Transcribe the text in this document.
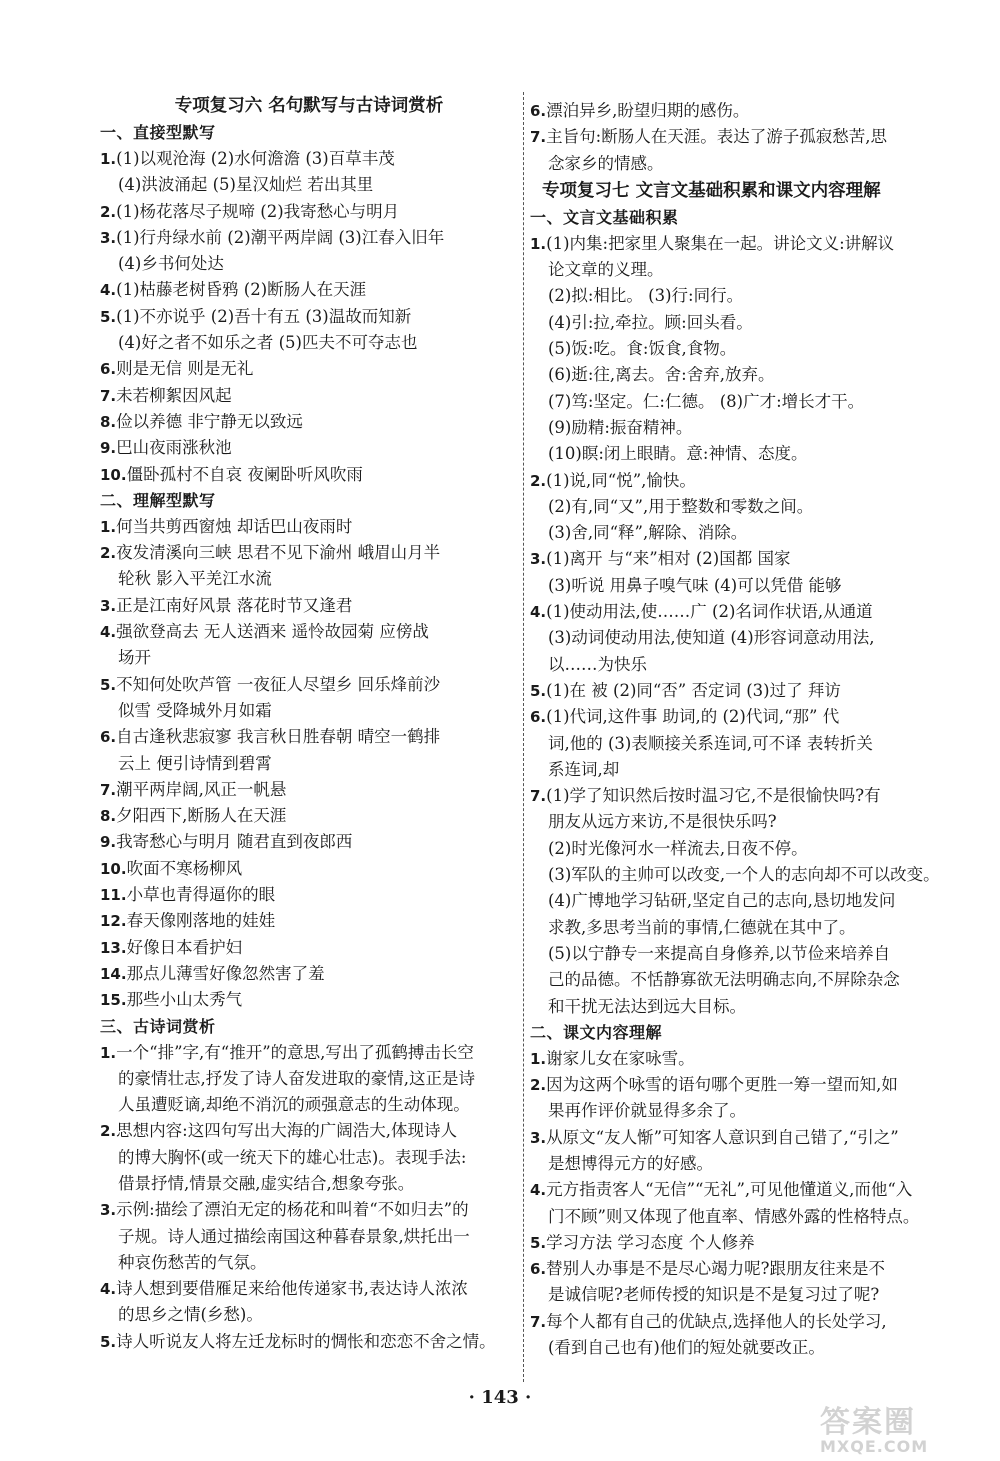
专项复习六 名句默写与古诗词赏析
一、直接型默写
1.(1)以观沧海 (2)水何澹澹 (3)百草丰茂
(4)洪波涌起 (5)星汉灿烂 若出其里
2.(1)杨花落尽子规啼 (2)我寄愁心与明月
3.(1)行舟绿水前 (2)潮平两岸阔 (3)江春入旧年
(4)乡书何处达
4.(1)枯藤老树昏鸦 (2)断肠人在天涯
5.(1)不亦说乎 (2)吾十有五 (3)温故而知新
(4)好之者不如乐之者 (5)匹夫不可夺志也
6.则是无信 则是无礼
7.未若柳絮因风起
8.俭以养德 非宁静无以致远
9.巴山夜雨涨秋池
10.僵卧孤村不自哀 夜阑卧听风吹雨
二、理解型默写
1.何当共剪西窗烛 却话巴山夜雨时
2.夜发清溪向三峡 思君不见下渝州 峨眉山月半
轮秋 影入平羌江水流
3.正是江南好风景 落花时节又逢君
4.强欲登高去 无人送酒来 遥怜故园菊 应傍战
场开
5.不知何处吹芦管 一夜征人尽望乡 回乐烽前沙
似雪 受降城外月如霜
6.自古逢秋悲寂寥 我言秋日胜春朝 晴空一鹤排
云上 便引诗情到碧霄
7.潮平两岸阔,风正一帆悬
8.夕阳西下,断肠人在天涯
9.我寄愁心与明月 随君直到夜郎西
10.吹面不寒杨柳风
11.小草也青得逼你的眼
12.春天像刚落地的娃娃
13.好像日本看护妇
14.那点儿薄雪好像忽然害了羞
15.那些小山太秀气
三、古诗词赏析
1.一个“排”字,有“推开”的意思,写出了孤鹤搏击长空
的豪情壮志,抒发了诗人奋发进取的豪情,这正是诗
人虽遭贬谪,却绝不消沉的顽强意志的生动体现。
2.思想内容:这四句写出大海的广阔浩大,体现诗人
的博大胸怀(或一统天下的雄心壮志)。表现手法:
借景抒情,情景交融,虚实结合,想象夸张。
3.示例:描绘了漂泊无定的杨花和叫着“不如归去”的
子规。诗人通过描绘南国这种暮春景象,烘托出一
种哀伤愁苦的气氛。
4.诗人想到要借雁足来给他传递家书,表达诗人浓浓
的思乡之情(乡愁)。
5.诗人听说友人将左迁龙标时的惆怅和恋恋不舍之情。
6.漂泊异乡,盼望归期的感伤。
7.主旨句:断肠人在天涯。表达了游子孤寂愁苦,思
念家乡的情感。
专项复习七 文言文基础积累和课文内容理解
一、文言文基础积累
1.(1)内集:把家里人聚集在一起。讲论文义:讲解议
论文章的义理。
(2)拟:相比。 (3)行:同行。
(4)引:拉,牵拉。顾:回头看。
(5)饭:吃。食:饭食,食物。
(6)逝:往,离去。舍:舍弃,放弃。
(7)笃:坚定。仁:仁德。 (8)广才:增长才干。
(9)励精:振奋精神。
(10)瞑:闭上眼睛。意:神情、态度。
2.(1)说,同“悦”,愉快。
(2)有,同“又”,用于整数和零数之间。
(3)舍,同“释”,解除、消除。
3.(1)离开 与“来”相对 (2)国都 国家
(3)听说 用鼻子嗅气味 (4)可以凭借 能够
4.(1)使动用法,使……广 (2)名词作状语,从通道
(3)动词使动用法,使知道 (4)形容词意动用法,
以……为快乐
5.(1)在 被 (2)同“否” 否定词 (3)过了 拜访
6.(1)代词,这件事 助词,的 (2)代词,“那” 代
词,他的 (3)表顺接关系连词,可不译 表转折关
系连词,却
7.(1)学了知识然后按时温习它,不是很愉快吗?有
朋友从远方来访,不是很快乐吗?
(2)时光像河水一样流去,日夜不停。
(3)军队的主帅可以改变,一个人的志向却不可以改变。
(4)广博地学习钻研,坚定自己的志向,恳切地发问
求教,多思考当前的事情,仁德就在其中了。
(5)以宁静专一来提高自身修养,以节俭来培养自
己的品德。不恬静寡欲无法明确志向,不屏除杂念
和干扰无法达到远大目标。
二、课文内容理解
1.谢家儿女在家咏雪。
2.因为这两个咏雪的语句哪个更胜一筹一望而知,如
果再作评价就显得多余了。
3.从原文“友人惭”可知客人意识到自己错了,“引之”
是想博得元方的好感。
4.元方指责客人“无信”“无礼”,可见他懂道义,而他“入
门不顾”则又体现了他直率、情感外露的性格特点。
5.学习方法 学习态度 个人修养
6.替别人办事是不是尽心竭力呢?跟朋友往来是不
是诚信呢?老师传授的知识是不是复习过了呢?
7.每个人都有自己的优缺点,选择他人的长处学习,
(看到自己也有)他们的短处就要改正。
· 143 ·
答案圈
MXQE.COM
